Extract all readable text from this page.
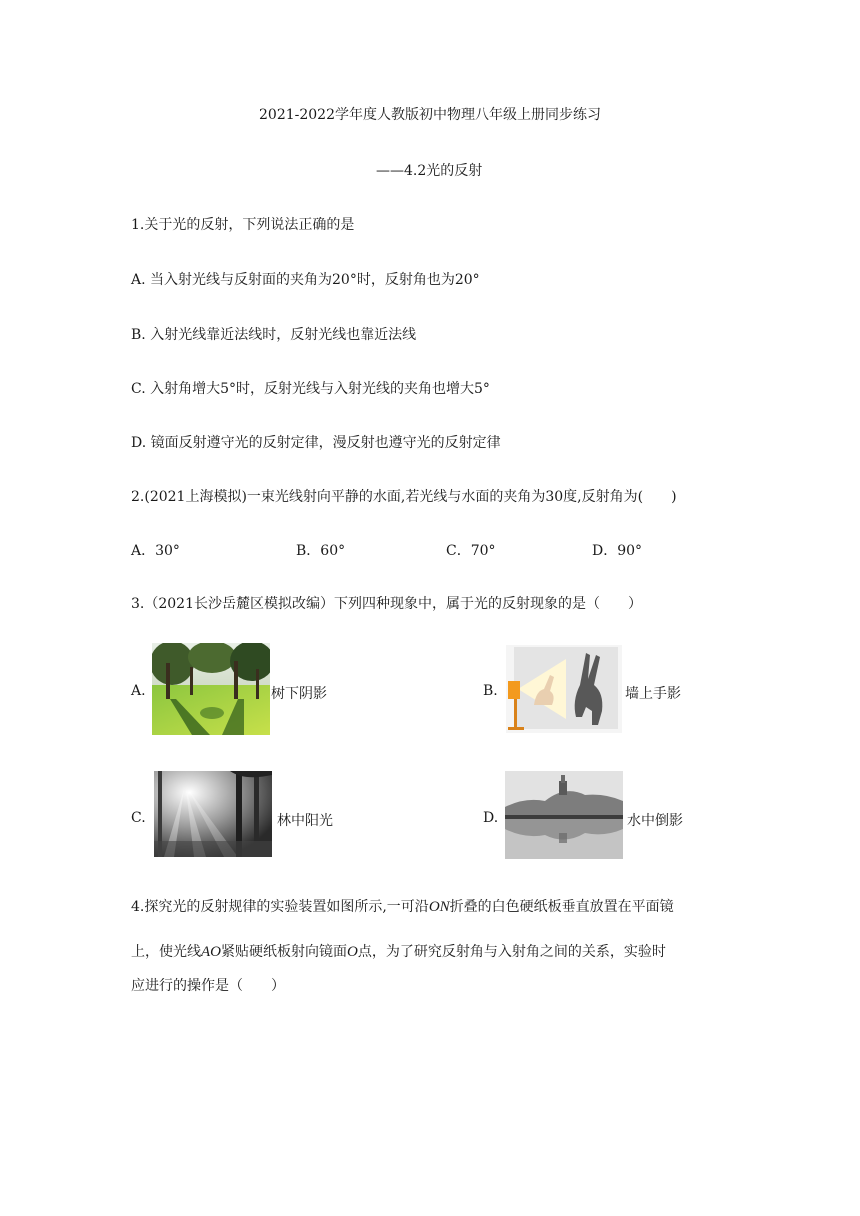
2021-2022学年度人教版初中物理八年级上册同步练习
——4.2光的反射
1.关于光的反射，下列说法正确的是
A. 当入射光线与反射面的夹角为20°时，反射角也为20°
B. 入射光线靠近法线时，反射光线也靠近法线
C. 入射角增大5°时，反射光线与入射光线的夹角也增大5°
D. 镜面反射遵守光的反射定律，漫反射也遵守光的反射定律
2.(2021上海模拟)一束光线射向平静的水面,若光线与水面的夹角为30度,反射角为(　　)
A．30°	B．60°	C．70°	D．90°
3.（2021长沙岳麓区模拟改编）下列四种现象中，属于光的反射现象的是（　　）
A.	树下阴影	B.	墙上手影
C.	林中阳光	D.	水中倒影
4.探究光的反射规律的实验装置如图所示,一可沿ON折叠的白色硬纸板垂直放置在平面镜
上，使光线AO紧贴硬纸板射向镜面O点，为了研究反射角与入射角之间的关系，实验时
应进行的操作是（　　）
